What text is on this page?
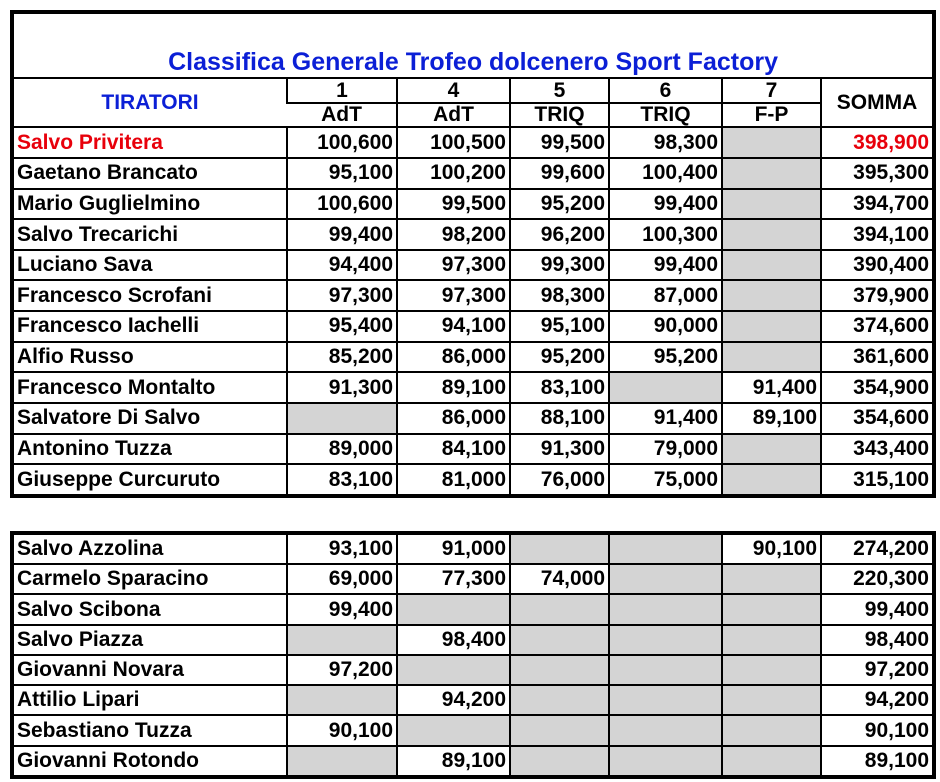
Classifica Generale Trofeo dolcenero Sport Factory						
TIRATORI	1	4	5	6	7	SOMMA
	AdT	AdT	TRIQ	TRIQ	F-P	
Salvo Privitera	100,600	100,500	99,500	98,300		398,900
Gaetano Brancato	95,100	100,200	99,600	100,400		395,300
Mario Guglielmino	100,600	99,500	95,200	99,400		394,700
Salvo Trecarichi	99,400	98,200	96,200	100,300		394,100
Luciano Sava	94,400	97,300	99,300	99,400		390,400
Francesco Scrofani	97,300	97,300	98,300	87,000		379,900
Francesco Iachelli	95,400	94,100	95,100	90,000		374,600
Alfio Russo	85,200	86,000	95,200	95,200		361,600
Francesco Montalto	91,300	89,100	83,100		91,400	354,900
Salvatore Di Salvo		86,000	88,100	91,400	89,100	354,600
Antonino Tuzza	89,000	84,100	91,300	79,000		343,400
Giuseppe Curcuruto	83,100	81,000	76,000	75,000		315,100
Salvo Azzolina	93,100	91,000			90,100	274,200
Carmelo Sparacino	69,000	77,300	74,000			220,300
Salvo Scibona	99,400					99,400
Salvo Piazza		98,400				98,400
Giovanni Novara	97,200					97,200
Attilio Lipari		94,200				94,200
Sebastiano Tuzza	90,100					90,100
Giovanni Rotondo		89,100				89,100
